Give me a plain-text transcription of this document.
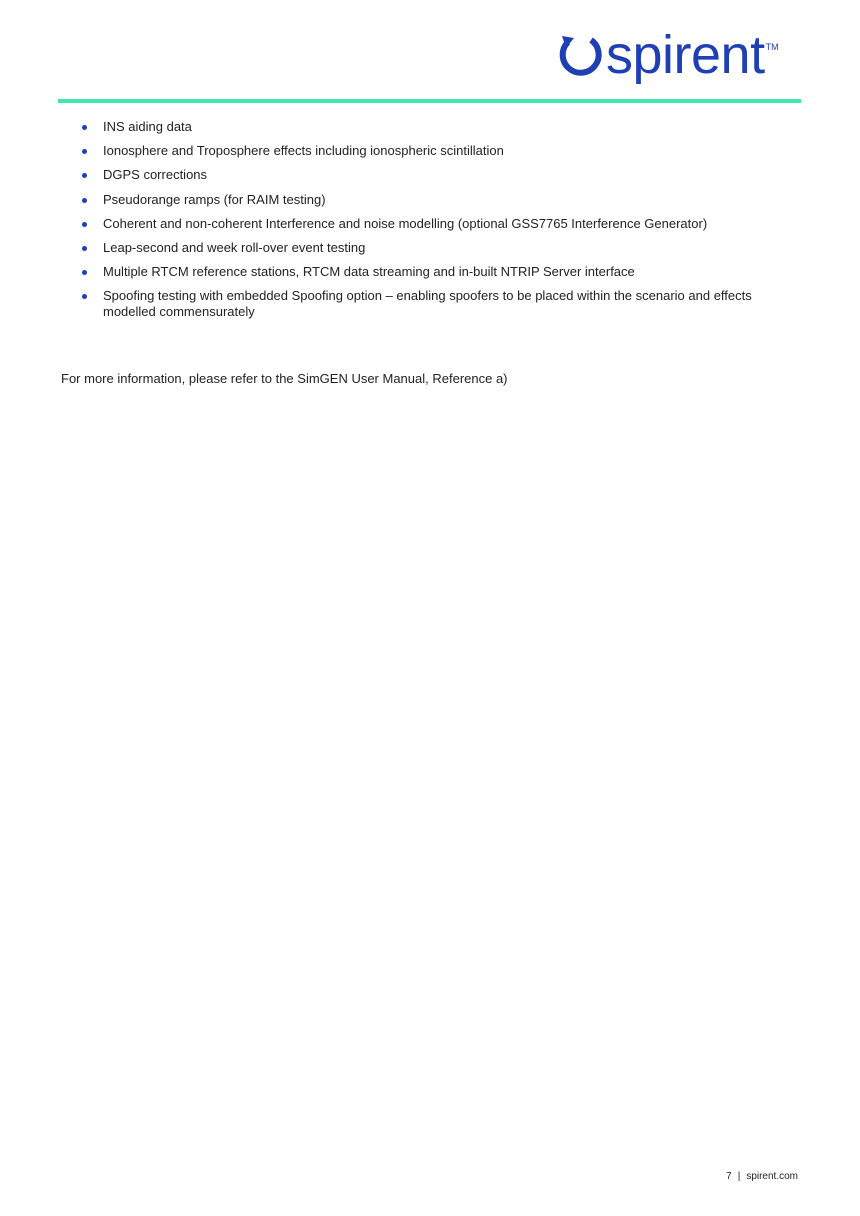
spirent TM
INS aiding data
Ionosphere and Troposphere effects including ionospheric scintillation
DGPS corrections
Pseudorange ramps (for RAIM testing)
Coherent and non-coherent Interference and noise modelling (optional GSS7765 Interference Generator)
Leap-second and week roll-over event testing
Multiple RTCM reference stations, RTCM data streaming and in-built NTRIP Server interface
Spoofing testing with embedded Spoofing option – enabling spoofers to be placed within the scenario and effects modelled commensurately

For more information, please refer to the SimGEN User Manual, Reference a)

7 | spirent.com
